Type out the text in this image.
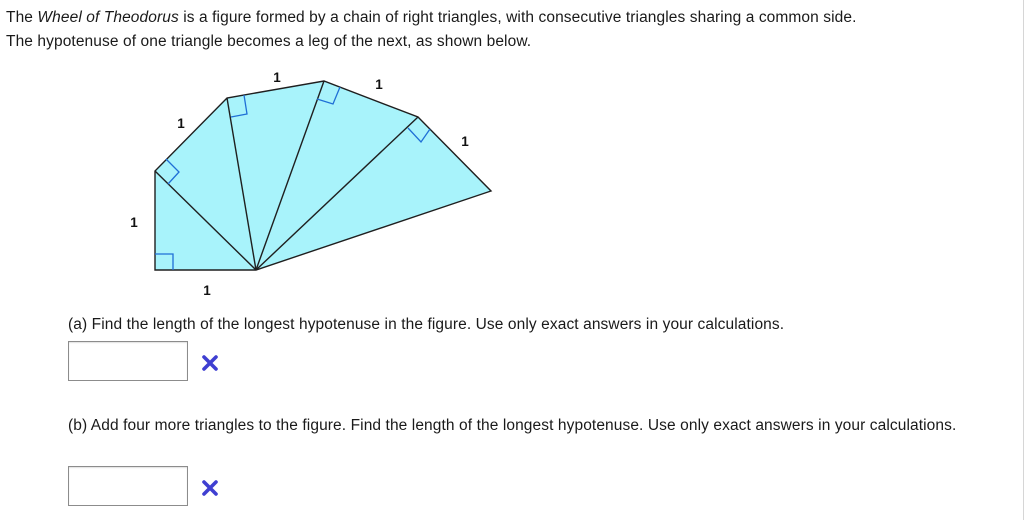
The Wheel of Theodorus is a figure formed by a chain of right triangles, with consecutive triangles sharing a common side.
The hypotenuse of one triangle becomes a leg of the next, as shown below.
1
1
1
1	1
1
(a) Find the length of the longest hypotenuse in the figure. Use only exact answers in your calculations.
(b) Add four more triangles to the figure. Find the length of the longest hypotenuse. Use only exact answers in your calculations.
